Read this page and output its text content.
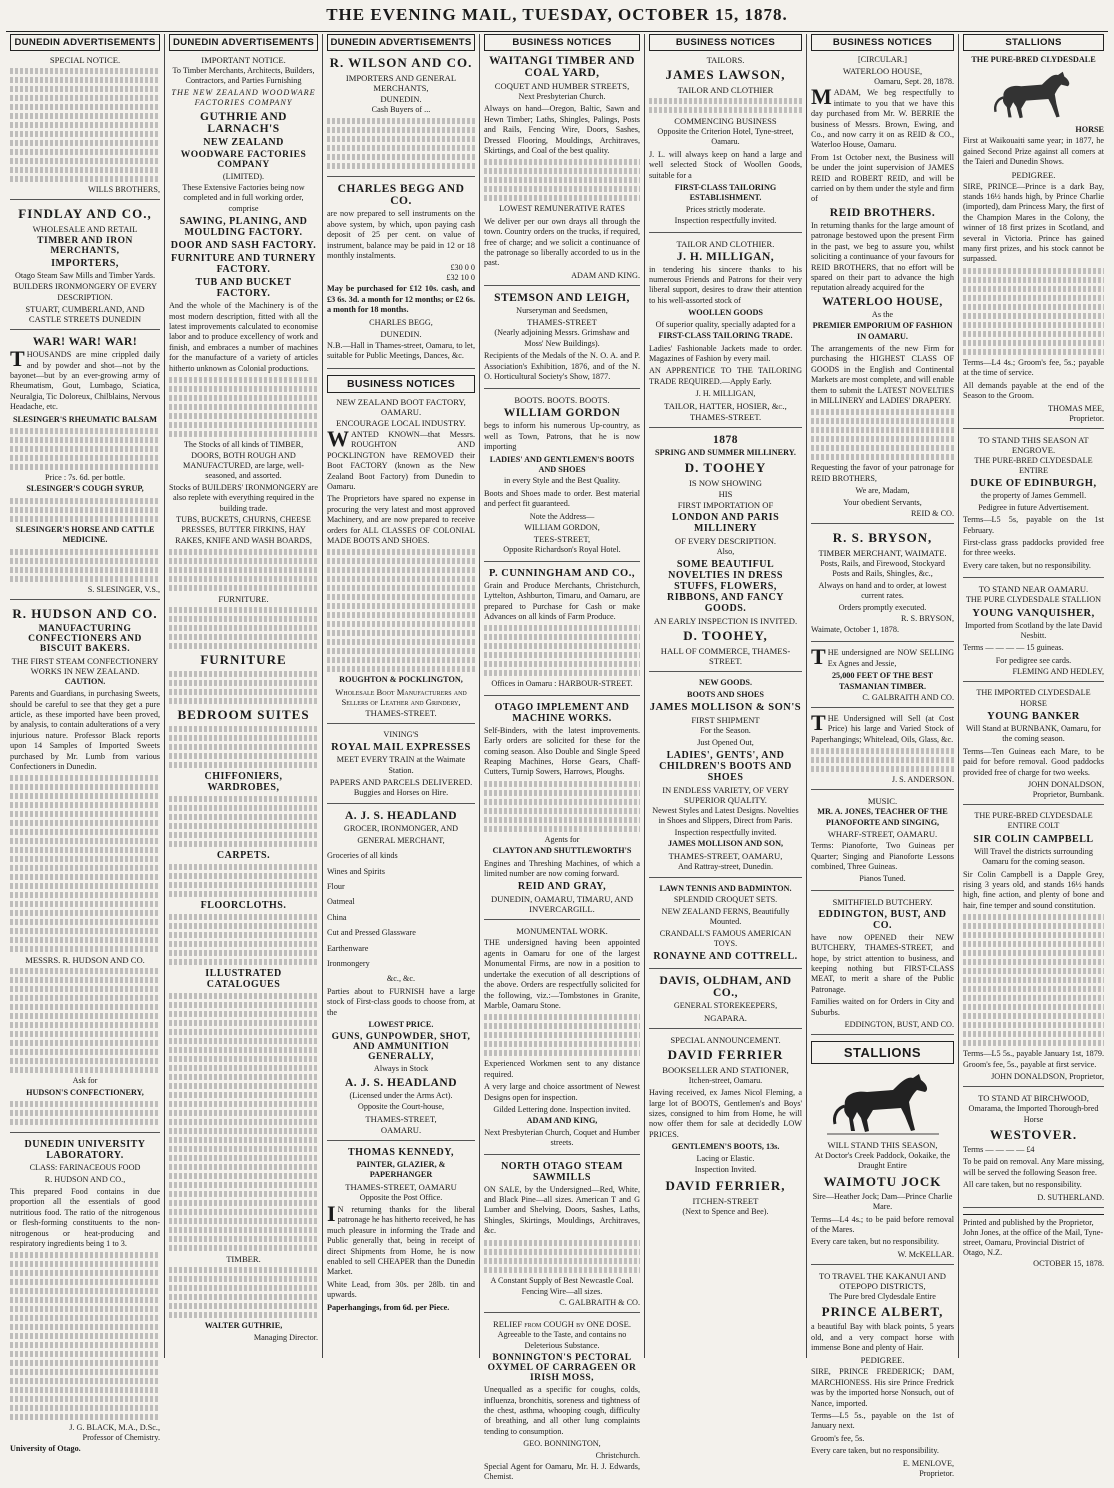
THE EVENING MAIL, TUESDAY, OCTOBER 15, 1878.
DUNEDIN ADVERTISEMENTS
SPECIAL NOTICE.
WILLS BROTHERS,
FINDLAY AND CO.,
WHOLESALE AND RETAIL
TIMBER AND IRON MERCHANTS,
IMPORTERS,
Otago Steam Saw Mills and Timber Yards.
BUILDERS IRONMONGERY OF EVERY DESCRIPTION.
STUART, CUMBERLAND, AND CASTLE STREETS DUNEDIN
WAR! WAR! WAR!
THOUSANDS are mine crippled daily and by powder and shot—not by the bayonet—but by an ever-growing army of Rheumatism, Gout, Lumbago, Sciatica, Neuralgia, Tic Doloreux, Chilblains, Nervous Headache, etc.
SLESINGER'S RHEUMATIC BALSAM
Price : 7s. 6d. per bottle.
SLESINGER'S COUGH SYRUP,
SLESINGER'S HORSE AND CATTLE MEDICINE.
S. SLESINGER, V.S.,
R. HUDSON AND CO.
MANUFACTURING CONFECTIONERS AND BISCUIT BAKERS.
THE FIRST STEAM CONFECTIONERY WORKS IN NEW ZEALAND.
CAUTION.
Parents and Guardians, in purchasing Sweets, should be careful to see that they get a pure article, as these imported have been proved, by analysis, to contain adulterations of a very injurious nature. Professor Black reports upon 14 Samples of Imported Sweets purchased by Mr. Lumb from various Confectioners in Dunedin.
MESSRS. R. HUDSON AND CO.
Ask for
HUDSON'S CONFECTIONERY,
DUNEDIN UNIVERSITY LABORATORY.
CLASS: FARINACEOUS FOOD
R. HUDSON AND CO.,
This prepared Food contains in due proportion all the essentials of good nutritious food. The ratio of the nitrogenous or flesh-forming constituents to the non-nitrogenous or heat-producing and respiratory ingredients being 1 to 3.
J. G. BLACK, M.A., D.Sc.,
Professor of Chemistry.
University of Otago.
DUNEDIN ADVERTISEMENTS
IMPORTANT NOTICE.
To Timber Merchants, Architects, Builders, Contractors, and Parties Furnishing
THE NEW ZEALAND WOODWARE FACTORIES COMPANY
GUTHRIE AND LARNACH'S
NEW ZEALAND
WOODWARE FACTORIES COMPANY
(LIMITED).
These Extensive Factories being now completed and in full working order, comprise
SAWING, PLANING, AND MOULDING FACTORY.
DOOR AND SASH FACTORY.
FURNITURE AND TURNERY FACTORY.
TUB AND BUCKET FACTORY.
And the whole of the Machinery is of the most modern description, fitted with all the latest improvements calculated to economise labor and to produce excellency of work and finish, and embraces a number of machines for the manufacture of a variety of articles hitherto unknown as Colonial productions.
The Stocks of all kinds of TIMBER, DOORS, BOTH ROUGH AND MANUFACTURED, are large, well-seasoned, and assorted.
Stocks of BUILDERS' IRONMONGERY are also replete with everything required in the building trade.
TUBS, BUCKETS, CHURNS, CHEESE PRESSES, BUTTER FIRKINS, HAY RAKES, KNIFE AND WASH BOARDS,
FURNITURE.
FURNITURE
BEDROOM SUITES
CHIFFONIERS, WARDROBES,
CARPETS.
FLOORCLOTHS.
ILLUSTRATED CATALOGUES
TIMBER.
WALTER GUTHRIE,
Managing Director.
DUNEDIN ADVERTISEMENTS
R. WILSON AND CO.
IMPORTERS AND GENERAL MERCHANTS,
DUNEDIN.
Cash Buyers of ...
CHARLES BEGG AND CO.
are now prepared to sell instruments on the above system, by which, upon paying cash deposit of 25 per cent. on value of instrument, balance may be paid in 12 or 18 monthly instalments.
£30 0 0
£32 10 0
May be purchased for £12 10s. cash, and £3 6s. 3d. a month for 12 months; or £2 6s. a month for 18 months.
CHARLES BEGG,
DUNEDIN.
N.B.—Hall in Thames-street, Oamaru, to let, suitable for Public Meetings, Dances, &c.
BUSINESS NOTICES
NEW ZEALAND BOOT FACTORY, OAMARU.
ENCOURAGE LOCAL INDUSTRY.
WANTED KNOWN—that Messrs. ROUGHTON AND POCKLINGTON have REMOVED their Boot FACTORY (known as the New Zealand Boot Factory) from Dunedin to Oamaru.
The Proprietors have spared no expense in procuring the very latest and most approved Machinery, and are now prepared to receive orders for ALL CLASSES OF COLONIAL MADE BOOTS AND SHOES.
ROUGHTON & POCKLINGTON,
Wholesale Boot Manufacturers and Sellers of Leather and Grindery,
THAMES-STREET.
VINING'S
ROYAL MAIL EXPRESSES
MEET EVERY TRAIN at the Waimate Station.
PAPERS AND PARCELS DELIVERED.
Buggies and Horses on Hire.
A. J. S. HEADLAND
GROCER, IRONMONGER, AND
GENERAL MERCHANT,
Groceries of all kinds
Wines and Spirits
Flour
Oatmeal
China
Cut and Pressed Glassware
Earthenware
Ironmongery
&c., &c.
Parties about to FURNISH have a large stock of First-class goods to choose from, at the
LOWEST PRICE.
GUNS, GUNPOWDER, SHOT, AND AMMUNITION GENERALLY,
Always in Stock
A. J. S. HEADLAND
(Licensed under the Arms Act).
Opposite the Court-house,
THAMES-STREET,
OAMARU.
THOMAS KENNEDY,
PAINTER, GLAZIER, & PAPERHANGER
THAMES-STREET, OAMARU
Opposite the Post Office.
IN returning thanks for the liberal patronage he has hitherto received, he has much pleasure in informing the Trade and Public generally that, being in receipt of direct Shipments from Home, he is now enabled to sell CHEAPER than the Dunedin Market.
White Lead, from 30s. per 28lb. tin and upwards.
Paperhangings, from 6d. per Piece.
BUSINESS NOTICES
WAITANGI TIMBER AND COAL YARD,
COQUET AND HUMBER STREETS,
Next Presbyterian Church.
Always on hand—Oregon, Baltic, Sawn and Hewn Timber; Laths, Shingles, Palings, Posts and Rails, Fencing Wire, Doors, Sashes, Dressed Flooring, Mouldings, Architraves, Skirtings, and Coal of the best quality.
LOWEST REMUNERATIVE RATES
We deliver per our own drays all through the town. Country orders on the trucks, if required, free of charge; and we solicit a continuance of the patronage so liberally accorded to us in the past.
ADAM AND KING.
STEMSON AND LEIGH,
Nurseryman and Seedsmen,
THAMES-STREET
(Nearly adjoining Messrs. Grimshaw and Moss' New Buildings).
Recipients of the Medals of the N. O. A. and P. Association's Exhibition, 1876, and of the N. O. Horticultural Society's Show, 1877.
BOOTS. BOOTS. BOOTS.
WILLIAM GORDON
begs to inform his numerous Up-country, as well as Town, Patrons, that he is now importing
LADIES' AND GENTLEMEN'S BOOTS AND SHOES
in every Style and the Best Quality.
Boots and Shoes made to order. Best material and perfect fit guaranteed.
Note the Address—
WILLIAM GORDON,
TEES-STREET,
Opposite Richardson's Royal Hotel.
P. CUNNINGHAM AND CO.,
Grain and Produce Merchants, Christchurch, Lyttelton, Ashburton, Timaru, and Oamaru, are prepared to Purchase for Cash or make Advances on all kinds of Farm Produce.
Offices in Oamaru : HARBOUR-STREET.
OTAGO IMPLEMENT AND MACHINE WORKS.
Self-Binders, with the latest improvements. Early orders are solicited for these for the coming season. Also Double and Single Speed Reaping Machines, Horse Gears, Chaff-Cutters, Turnip Sowers, Harrows, Ploughs.
Agents for
CLAYTON AND SHUTTLEWORTH'S
Engines and Threshing Machines, of which a limited number are now coming forward.
REID AND GRAY,
DUNEDIN, OAMARU, TIMARU, AND INVERCARGILL.
MONUMENTAL WORK.
THE undersigned having been appointed agents in Oamaru for one of the largest Monumental Firms, are now in a position to undertake the execution of all descriptions of the above. Orders are respectfully solicited for the following, viz.:—Tombstones in Granite, Marble, Oamaru Stone.
Experienced Workmen sent to any distance required.
A very large and choice assortment of Newest Designs open for inspection.
Gilded Lettering done. Inspection invited.
ADAM AND KING,
Next Presbyterian Church, Coquet and Humber streets.
NORTH OTAGO STEAM SAWMILLS
ON SALE, by the Undersigned—Red, White, and Black Pine—all sizes. American T and G Lumber and Shelving, Doors, Sashes, Laths, Shingles, Skirtings, Mouldings, Architraves, &c.
A Constant Supply of Best Newcastle Coal.
Fencing Wire—all sizes.
C. GALBRAITH & CO.
RELIEF from COUGH by ONE DOSE.
Agreeable to the Taste, and contains no Deleterious Substance.
BONNINGTON'S PECTORAL OXYMEL OF CARRAGEEN OR IRISH MOSS,
Unequalled as a specific for coughs, colds, influenza, bronchitis, soreness and tightness of the chest, asthma, whooping cough, difficulty of breathing, and all other lung complaints tending to consumption.
GEO. BONNINGTON,
Christchurch.
Special Agent for Oamaru, Mr. H. J. Edwards, Chemist.
BUSINESS NOTICES
TAILORS.
JAMES LAWSON,
TAILOR AND CLOTHIER
COMMENCING BUSINESS
Opposite the Criterion Hotel, Tyne-street, Oamaru.
J. L. will always keep on hand a large and well selected Stock of Woollen Goods, suitable for a
FIRST-CLASS TAILORING ESTABLISHMENT.
Prices strictly moderate.
Inspection respectfully invited.
TAILOR AND CLOTHIER.
J. H. MILLIGAN,
in tendering his sincere thanks to his numerous Friends and Patrons for their very liberal support, desires to draw their attention to his well-assorted stock of
WOOLLEN GOODS
Of superior quality, specially adapted for a
FIRST-CLASS TAILORING TRADE.
Ladies' Fashionable Jackets made to order. Magazines of Fashion by every mail.
AN APPRENTICE TO THE TAILORING TRADE REQUIRED.—Apply Early.
J. H. MILLIGAN,
TAILOR, HATTER, HOSIER, &c.,
THAMES-STREET.
1878
SPRING AND SUMMER MILLINERY.
D. TOOHEY
IS NOW SHOWING
HIS
FIRST IMPORTATION OF
LONDON AND PARIS MILLINERY
OF EVERY DESCRIPTION.
Also,
SOME BEAUTIFUL NOVELTIES IN DRESS STUFFS, FLOWERS, RIBBONS, AND FANCY GOODS.
AN EARLY INSPECTION IS INVITED.
D. TOOHEY,
HALL OF COMMERCE, THAMES-STREET.
NEW GOODS.
BOOTS AND SHOES
JAMES MOLLISON & SON'S
FIRST SHIPMENT
For the Season.
Just Opened Out,
LADIES', GENTS', AND CHILDREN'S BOOTS AND SHOES
IN ENDLESS VARIETY, OF VERY SUPERIOR QUALITY.
Newest Styles and Latest Designs. Novelties in Shoes and Slippers, Direct from Paris.
Inspection respectfully invited.
JAMES MOLLISON AND SON,
THAMES-STREET, OAMARU,
And Rattray-street, Dunedin.
LAWN TENNIS AND BADMINTON.
SPLENDID CROQUET SETS.
NEW ZEALAND FERNS, Beautifully Mounted.
CRANDALL'S FAMOUS AMERICAN TOYS.
RONAYNE AND COTTRELL.
DAVIS, OLDHAM, AND CO.,
GENERAL STOREKEEPERS,
NGAPARA.
SPECIAL ANNOUNCEMENT.
DAVID FERRIER
BOOKSELLER AND STATIONER,
Itchen-street, Oamaru.
Having received, ex James Nicol Fleming, a large lot of BOOTS, Gentlemen's and Boys' sizes, consigned to him from Home, he will now offer them for sale at decidedly LOW PRICES.
GENTLEMEN'S BOOTS, 13s.
Lacing or Elastic.
Inspection Invited.
DAVID FERRIER,
ITCHEN-STREET
(Next to Spence and Bee).
BUSINESS NOTICES
[CIRCULAR.]
WATERLOO HOUSE,
Oamaru, Sept. 28, 1878.
MADAM, We beg respectfully to intimate to you that we have this day purchased from Mr. W. BERRIE the business of Messrs. Brown, Ewing, and Co., and now carry it on as REID & CO., Waterloo House, Oamaru.
From 1st October next, the Business will be under the joint supervision of JAMES REID and ROBERT REID, and will be carried on by them under the style and firm of
REID BROTHERS.
In returning thanks for the large amount of patronage bestowed upon the present Firm in the past, we beg to assure you, whilst soliciting a continuance of your favours for REID BROTHERS, that no effort will be spared on their part to advance the high reputation already acquired for the
WATERLOO HOUSE,
As the
PREMIER EMPORIUM OF FASHION IN OAMARU.
The arrangements of the new Firm for purchasing the HIGHEST CLASS OF GOODS in the English and Continental Markets are most complete, and will enable them to submit the LATEST NOVELTIES in MILLINERY and LADIES' DRAPERY.
Requesting the favor of your patronage for REID BROTHERS,
We are, Madam,
Your obedient Servants,
REID & CO.
R. S. BRYSON,
TIMBER MERCHANT, WAIMATE.
Posts, Rails, and Firewood, Stockyard Posts and Rails, Shingles, &c.,
Always on hand and to order, at lowest current rates.
Orders promptly executed.
R. S. BRYSON,
Waimate, October 1, 1878.
THE undersigned are NOW SELLING Ex Agnes and Jessie,
25,000 FEET OF THE BEST TASMANIAN TIMBER.
C. GALBRAITH AND CO.
THE Undersigned will Sell (at Cost Price) his large and Varied Stock of Paperhangings; Whitelead, Oils, Glass, &c.
J. S. ANDERSON.
MUSIC.
MR. A. JONES, TEACHER OF THE PIANOFORTE AND SINGING,
WHARF-STREET, OAMARU.
Terms: Pianoforte, Two Guineas per Quarter; Singing and Pianoforte Lessons combined, Three Guineas.
Pianos Tuned.
SMITHFIELD BUTCHERY.
EDDINGTON, BUST, AND CO.
have now OPENED their NEW BUTCHERY, THAMES-STREET, and hope, by strict attention to business, and keeping nothing but FIRST-CLASS MEAT, to merit a share of the Public Patronage.
Families waited on for Orders in City and Suburbs.
EDDINGTON, BUST, AND CO.
STALLIONS
WILL STAND THIS SEASON,
At Doctor's Creek Paddock, Ookaike, the Draught Entire
WAIMOTU JOCK
Sire—Heather Jock; Dam—Prince Charlie Mare.
Terms—L4 4s.; to be paid before removal of the Mares.
Every care taken, but no responsibility.
W. McKELLAR.
TO TRAVEL THE KAKANUI AND OTEPOPO DISTRICTS,
The Pure bred Clydesdale Entire
PRINCE ALBERT,
a beautiful Bay with black points, 5 years old, and a very compact horse with immense Bone and plenty of Hair.
PEDIGREE.
SIRE, PRINCE FREDERICK; DAM, MARCHIONESS. His sire Prince Fredrick was by the imported horse Nonsuch, out of Nance, imported.
Terms—L5 5s., payable on the 1st of January next.
Groom's fee, 5s.
Every care taken, but no responsibility.
E. MENLOVE,
Proprietor.
STALLIONS
THE PURE-BRED CLYDESDALE
HORSE
First at Waikouaiti same year; in 1877, he gained Second Prize against all comers at the Taieri and Dunedin Shows.
PEDIGREE.
SIRE, PRINCE—Prince is a dark Bay, stands 16½ hands high, by Prince Charlie (imported), dam Princess Mary, the first of the Champion Mares in the Colony, the winner of 18 first prizes in Scotland, and several in Victoria. Prince has gained many first prizes, and his stock cannot be surpassed.
Terms—L4 4s.; Groom's fee, 5s.; payable at the time of service.
All demands payable at the end of the Season to the Groom.
THOMAS MEE,
Proprietor.
TO STAND THIS SEASON AT ENGROVE.
THE PURE-BRED CLYDESDALE ENTIRE
DUKE OF EDINBURGH,
the property of James Gemmell.
Pedigree in future Advertisement.
Terms—L5 5s, payable on the 1st February.
First-class grass paddocks provided free for three weeks.
Every care taken, but no responsibility.
TO STAND NEAR OAMARU.
THE PURE CLYDESDALE STALLION
YOUNG VANQUISHER,
Imported from Scotland by the late David Nesbitt.
Terms — — — — 15 guineas.
For pedigree see cards.
FLEMING AND HEDLEY,
THE IMPORTED CLYDESDALE HORSE
YOUNG BANKER
Will Stand at BURNBANK, Oamaru, for the coming season.
Terms—Ten Guineas each Mare, to be paid for before removal. Good paddocks provided free of charge for two weeks.
JOHN DONALDSON,
Proprietor, Burnbank.
THE PURE-BRED CLYDESDALE ENTIRE COLT
SIR COLIN CAMPBELL
Will Travel the districts surrounding Oamaru for the coming season.
Sir Colin Campbell is a Dapple Grey, rising 3 years old, and stands 16½ hands high, fine action, and plenty of bone and hair, fine temper and sound constitution.
Terms—L5 5s., payable January 1st, 1879. Groom's fee, 5s., payable at first service.
JOHN DONALDSON, Proprietor,
TO STAND AT BIRCHWOOD,
Omarama, the Imported Thorough-bred Horse
WESTOVER.
Terms — — — — £4
To be paid on removal. Any Mare missing, will be served the following Season free.
All care taken, but no responsibility.
D. SUTHERLAND.
Printed and published by the Proprietor, John Jones, at the office of the Mail, Tyne-street, Oamaru, Provincial District of Otago, N.Z.
OCTOBER 15, 1878.
